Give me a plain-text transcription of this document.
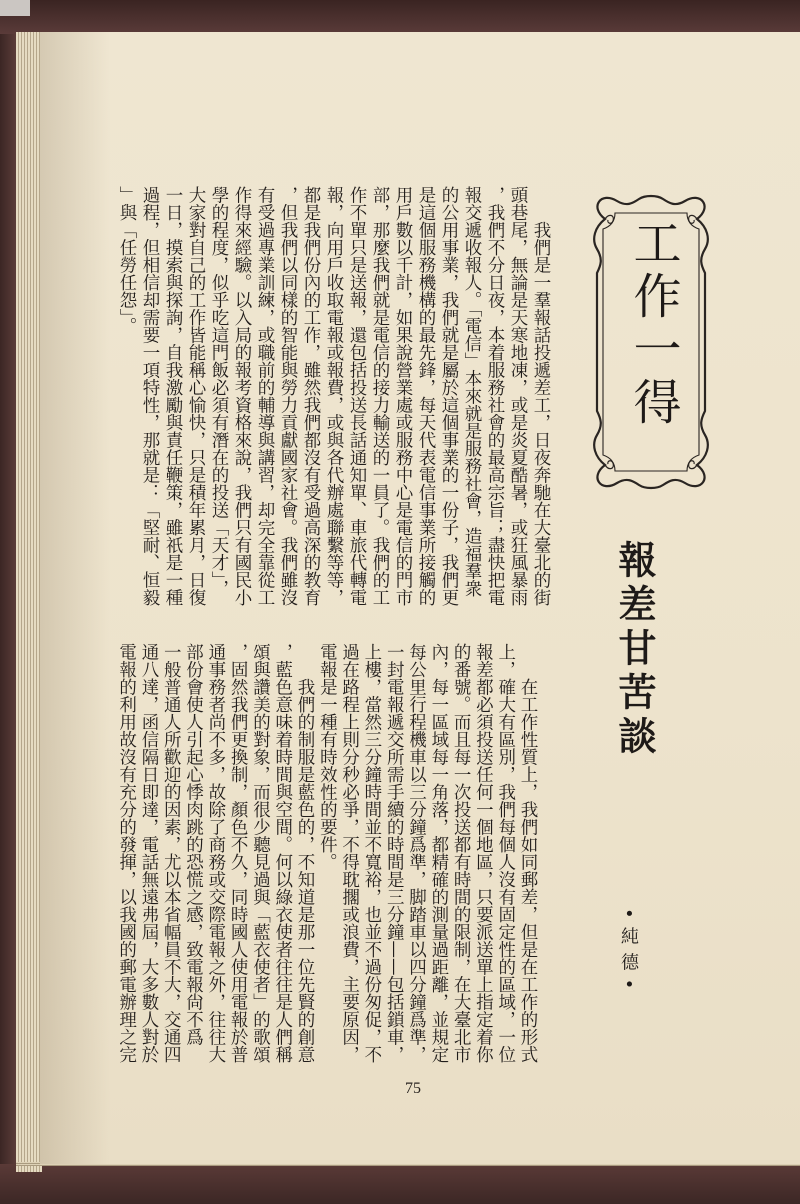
工作一得
報差甘苦談
•純德•
我們是一羣報話投遞差工，日夜奔馳在大臺北的街
頭巷尾，無論是天寒地凍，或是炎夏酷暑，或狂風暴雨
，我們不分日夜，本着服務社會的最高宗旨；盡快把電
報交遞收報人。「電信」本來就是服務社會，造福羣衆
的公用事業，我們就是屬於這個事業的一份子，我們更
是這個服務機構的最先鋒，每天代表電信事業所接觸的
用戶數以千計，如果說營業處或服務中心是電信的門市
部，那麼我們就是電信的接力輸送的一員了。我們的工
作不單只是送報，還包括投送長話通知單、車旅代轉電
報，向用戶收取電報或報費，或與各代辦處聯繫等等，
都是我們份內的工作，雖然我們都沒有受過高深的教育
，但我們以同樣的智能與勞力貢獻國家社會。我們雖沒
有受過專業訓練，或職前的輔導與講習，却完全靠從工
作得來經驗。以入局的報考資格來說，我們只有國民小
學的程度，似乎吃這門飯必須有潛在的投送「天才」，
大家對自己的工作皆能稱心愉快，只是積年累月，日復
一日，摸索與探詢，自我激勵與責任鞭策，雖祇是一種
過程，但相信却需要一項特性，那就是：「堅耐、恒毅
」與「任勞任怨」。
在工作性質上，我們如同郵差，但是在工作的形式
上，確大有區別，我們每個人沒有固定性的區域，一位
報差都必須投送任何一個地區，只要派送單上指定着你
的番號。而且每一次投送都有時間的限制，在大臺北市
內，每一區域每一角落，都精確的測量過距離，並規定
每公里行程機車以三分鐘爲準，脚踏車以四分鐘爲準，
一封電報遞交所需手續的時間是三分鐘——包括鎖車，
上樓，當然三分鐘時間並不寬裕，也並不過份匆促，不
過在路程上則分秒必爭，不得耽擱或浪費，主要原因，
電報是一種有時效性的要件。
我們的制服是藍色的，不知道是那一位先賢的創意
，藍色意味着時間與空間。何以綠衣使者往往是人們稱
頌與讚美的對象，而很少聽見過與「藍衣使者」的歌頌
，固然我們更換制，顏色不久，同時國人使用電報於普
通事務者尚不多，故除了商務或交際電報之外，往往大
部份會使人引起心悸肉跳的恐慌之感，致電報尙不爲
一般普通人所歡迎的因素，尤以本省幅員不大，交通四
通八達，函信隔日即達，電話無遠弗屆，大多數人對於
電報的利用故沒有充分的發揮，以我國的郵電辦理之完
75
